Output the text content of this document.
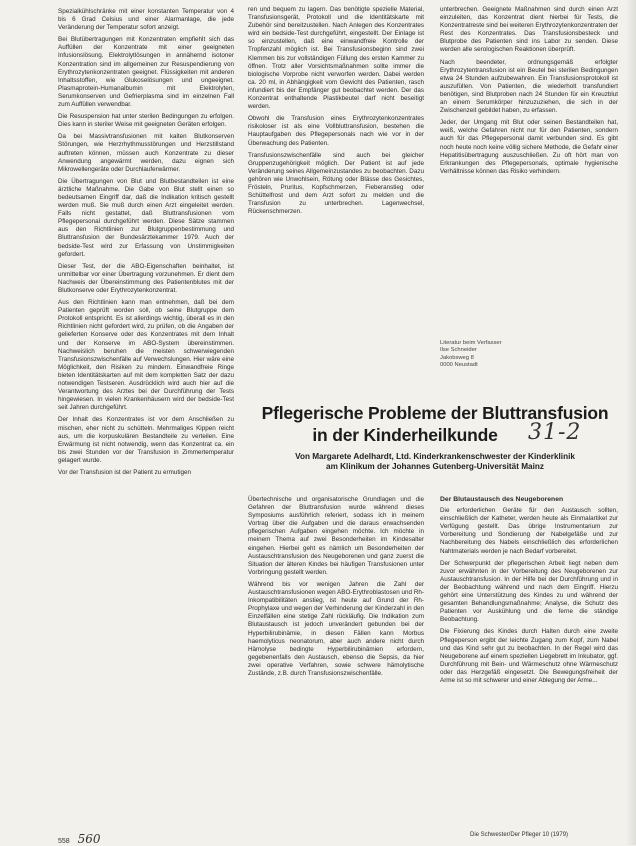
Spezialkühlschränke mit einer konstanten Temperatur von 4 bis 6 Grad Celsius und einer Alarmanlage, die jede Veränderung der Temperatur sofort anzeigt.

Bei Blutübertragungen mit Konzentraten empfiehlt sich das Auffüllen der Konzentrate mit einer geeigneten Infusionslösung. Elektrolytlösungen in annähernd isotoner Konzentration sind im allgemeinen zur Resuspendierung von Erythrozytenkonzentraten geeignet. Flüssigkeiten mit anderen Inhaltsstoffen, wie Glukoselösungen und ungeeignet. Plasmaprotein-Humanalbumin mit Elektrolyten, Serumkonserven und Gefrierplasma sind im einzelnen Fall zum Auffüllen verwendbar.

Die Resuspension hat unter sterilen Bedingungen zu erfolgen. Dies kann in steriler Weise mit geeigneten Geräten erfolgen.

Da bei Massivtransfusionen mit kalten Blutkonserven Störungen, wie Herzrhythmusstörungen und Herzstillstand auftreten können, müssen auch Konzentrate zu dieser Anwendung angewärmt werden, dazu eignen sich Mikrowellengeräte oder Durchlauferwärmer.

Die Übertragungen von Blut und Blutbestandteilen ist eine ärztliche Maßnahme. Die Gabe von Blut stellt einen so bedeutsamen Eingriff dar, daß die Indikation kritisch gestellt werden muß. Sie muß durch einen Arzt eingeleitet werden. Falls nicht gestattet, daß Bluttransfusionen vom Pflegepersonal durchgeführt werden. Diese Sätze stammen aus den Richtlinien zur Blutgruppenbestimmung und Bluttransfusion der Bundesärztekammer 1979. Auch der bedside-Test wird zur Erfassung von Unstimmigkeiten gefordert.

Dieser Test, der die ABO-Eigenschaften beinhaltet, ist unmittelbar vor einer Übertragung vorzunehmen. Er dient dem Nachweis der Übereinstimmung des Patientenblutes mit der Blutkonserve oder Erythrozytenkonzentrat.

Aus den Richtlinien kann man entnehmen, daß bei dem Patienten geprüft worden soll, ob seine Blutgruppe dem Protokoll entspricht. Es ist allerdings wichtig, überall es in den Richtlinien nicht gefordert wird, zu prüfen, ob die Angaben der gelieferten Konserve oder des Konzentrates mit dem Inhalt und der Konserve im ABO-System übereinstimmen. Nachweislich beruhen die meisten schwerwiegenden Transfusionszwischenfälle auf Verwechslungen. Hier wäre eine Möglichkeit, den Risiken zu mindern. Einwandfreie Ringe bieten Identitätskarten auf mit dem kompletten Satz der dazu notwendigen Testseren. Ausdrücklich wird auch hier auf die Verantwortung des Arztes bei der Durchführung der Tests hingewiesen. In vielen Krankenhäusern wird der bedside-Test seit Jahren durchgeführt.

Der Inhalt des Konzentrates ist vor dem Anschließen zu mischen, eher nicht zu schütteln. Mehrmaliges Kippen reicht aus, um die korpuskulären Bestandteile zu verteilen. Eine Erwärmung ist nicht notwendig, wenn das Konzentrat ca. ein bis zwei Stunden vor der Transfusion in Zimmertemperatur gelagert wurde.

Vor der Transfusion ist der Patient zu ermutigen

ren und bequem zu lagern. Das benötigte spezielle Material, Transfusionsgerät, Protokoll und die Identitätskarte mit Zubehör sind bereitzustellen. Nach Anlegen des Konzentrates wird ein bedside-Test durchgeführt, eingestellt. Der Einlage ist so einzustellen, daß eine einwandfreie Kontrolle der Tropfenzahl möglich ist. Bei Transfusionsbeginn sind zwei Klemmen bis zur vollständigen Füllung des ersten Kammer zu öffnen. Trotz aller Vorsichtsmaßnahmen sollte immer die biologische Vorprobe nicht verworfen werden. Dabei werden ca. 20 ml, in Abhängigkeit vom Gewicht des Patienten, rasch infundiert bis der Empfänger gut beobachtet werden. Der das Konzentrat enthaltende Plastikbeutel darf nicht beseitigt werden.

Obwohl die Transfusion eines Erythrozytenkonzentrates risikoloser ist als eine Vollbluttransfusion, bestehen die Hauptaufgaben des Pflegepersonals nach wie vor in der Überwachung des Patienten.

Transfusionszwischenfälle sind auch bei gleicher Gruppenzugehörigkeit möglich. Der Patient ist auf jede Veränderung seines Allgemeinzustandes zu beobachten. Dazu gehören wie Unwohlsein, Rötung oder Blässe des Gesichtes, Frösteln, Pruritus, Kopfschmerzen, Fieberanstieg oder Schüttelfrost und dem Arzt sofort zu melden und die Transfusion zu unterbrechen. Lagenwechsel, Rückenschmerzen.

unterbrechen. Geeignete Maßnahmen sind durch einen Arzt einzuleiten, das Konzentrat dient hierbei für Tests, die Konzentratreste sind bei weiteren Erythrozytenkonzentraten der Rest des Konzentrates. Das Transfusionsbesteck und Blutprobe des Patienten sind ins Labor zu senden. Diese werden alle serologischen Reaktionen überprüft.

Nach beendeter, ordnungsgemäß erfolgter Erythrozytentransfusion ist ein Beutel bei sterilen Bedingungen etwa 24 Stunden aufzubewahren. Ein Transfusionsprotokoll ist auszufüllen. Von Patienten, die wiederholt transfundiert benötigen, sind Blutproben nach 24 Stunden für ein Kreuzblut an einem Serumkörper hinzuzuziehen, die sich in der Zwischenzeit gebildet haben, zu erfassen.

Jeder, der Umgang mit Blut oder seinen Bestandteilen hat, weiß, welche Gefahren nicht nur für den Patienten, sondern auch für das Pflegepersonal damit verbunden sind. Es gibt noch heute noch keine völlig sichere Methode, die Gefahr einer Hepatitisübertragung auszuschließen. Zu oft hört man von Erkrankungen des Pflegepersonals, optimale hygienische Verhältnisse können das Risiko verhindern.

Literatur beim Verfasser
Ilse Schneider
Jakobsweg 8
0000 Neustadt
Pflegerische Probleme der Bluttransfusion
in der Kinderheilkunde	31-2
Von Margarete Adelhardt, Ltd. Kinderkrankenschwester der Kinderklinik
am Klinikum der Johannes Gutenberg-Universität Mainz

Übertechnische und organisatorische Grundlagen und die Gefahren der Bluttransfusion wurde während dieses Symposiums ausführlich referiert, sodass ich in meinem Vortrag über die Aufgaben und die daraus erwachsenden pflegerischen Aufgaben eingehen möchte. Ich möchte in meinem Thema auf zwei Besonderheiten im Kindesalter eingehen. Hierbei geht es nämlich um Besonderheiten der Austauschtransfusion des Neugeborenen und ganz zuerst die Situation der älteren Kindes bei häufigen Transfusionen unter Vorbringung gestellt werden.

Während bis vor wenigen Jahren die Zahl der Austauschtransfusionen wegen ABO-Erythroblastosen und Rh-Inkompatibilitäten anstieg, ist heute auf Grund der Rh-Prophylaxe und wegen der Verhinderung der Kinderzahl in den Einzelfällen eine stetige Zahl rückläufig. Die Indikation zum Blutaustausch ist jedoch unverändert gebunden bei der Hyperbilirubinämie, in diesen Fällen kann Morbus haemolyticus neonatorum, aber auch andere nicht durch Hämolyse bedingte Hyperbilirubinämien erfordern, gegebenenfalls den Austausch, ebenso die Sepsis, da hier zwei operative Verfahren, sowie schwere hämolytische Zustände, z.B. durch Transfusionszwischenfälle.

Der Blutaustausch des Neugeborenen

Die erforderlichen Geräte für den Austausch sollten, einschließlich der Katheter, werden heute als Einmalartikel zur Verfügung gestellt. Das übrige Instrumentarium zur Vorbereitung und Sondierung der Nabelgefäße und zur Nachbereitung des Nabels einschließlich des erforderlichen Nahtmaterials werden je nach Bedarf vorbereitet.

Der Schwerpunkt der pflegerischen Arbeit liegt neben dem zuvor erwähnten in der Vorbereitung des Neugeborenen zur Austauschtransfusion. In der Hilfe bei der Durchführung und in der Beobachtung während und nach dem Eingriff. Hierzu gehört eine Unterstützung des Kindes zu und während der gesamten Behandlungsmaßnahme; Analyse, die Schutz des Patienten vor Auskühlung und die ferne die ständige Beobachtung.

Die Fixierung des Kindes durch Halten durch eine zweite Pflegeperson ergibt der leichte Zugang zum Kopf, zum Nabel und das Kind sehr gut zu beobachten. In der Regel wird das Neugeborene auf einem speziellen Liegebrett im Inkubator, ggf. Durchführung mit Bein- und Wärmeschutz ohne Wärmeschutz oder das Herzgefäß eingesetzt. Die Bewegungsfreiheit der Arme ist so mit schwerer und einer Ablegung der Arme...

558 560	Die Schwester/Der Pfleger 10 (1979)
